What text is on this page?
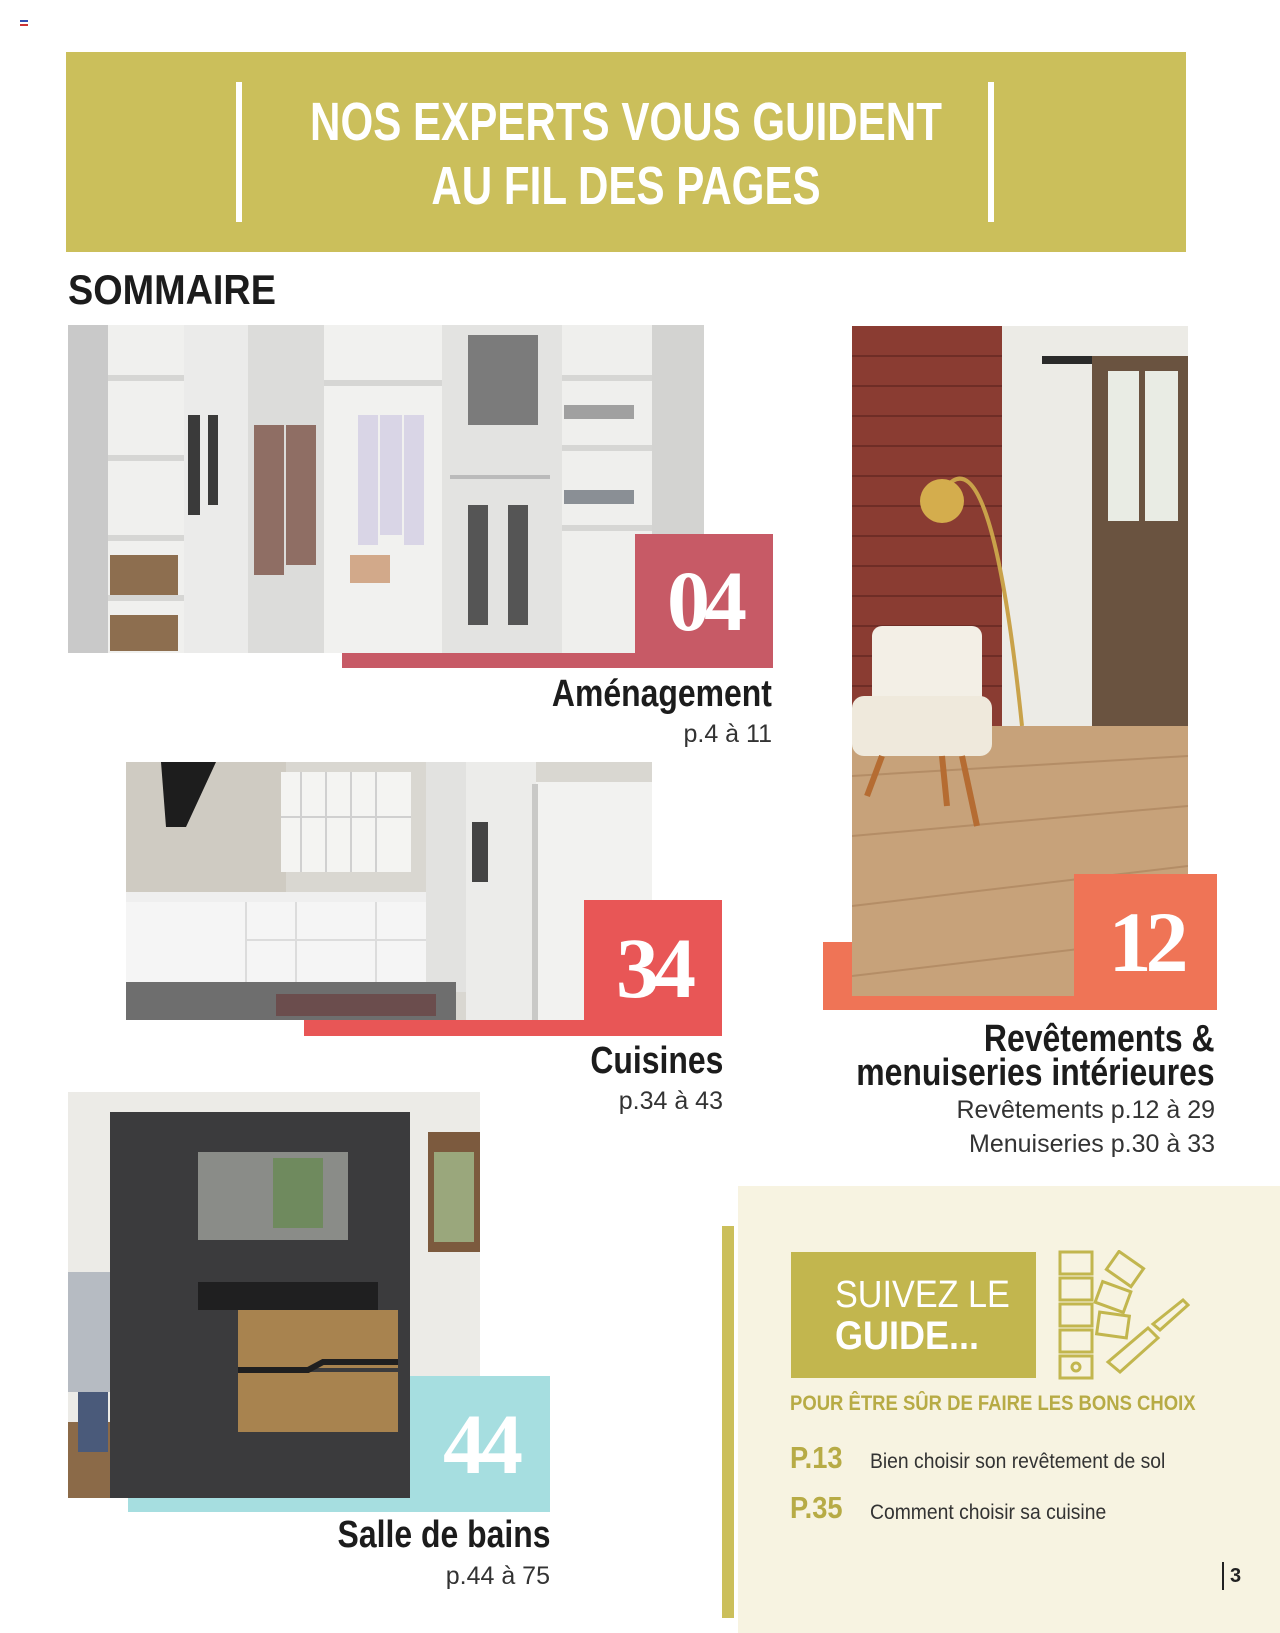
NOS EXPERTS VOUS GUIDENT
AU FIL DES PAGES
SOMMAIRE
04
Aménagement
p.4 à 11
34
Cuisines
p.34 à 43
12
Revêtements &
menuiseries intérieures
Revêtements p.12 à 29
Menuiseries p.30 à 33
44
Salle de bains
p.44 à 75
SUIVEZ LE
GUIDE...
POUR ÊTRE SÛR DE FAIRE LES BONS CHOIX
P.13 Bien choisir son revêtement de sol
P.35 Comment choisir sa cuisine
3
